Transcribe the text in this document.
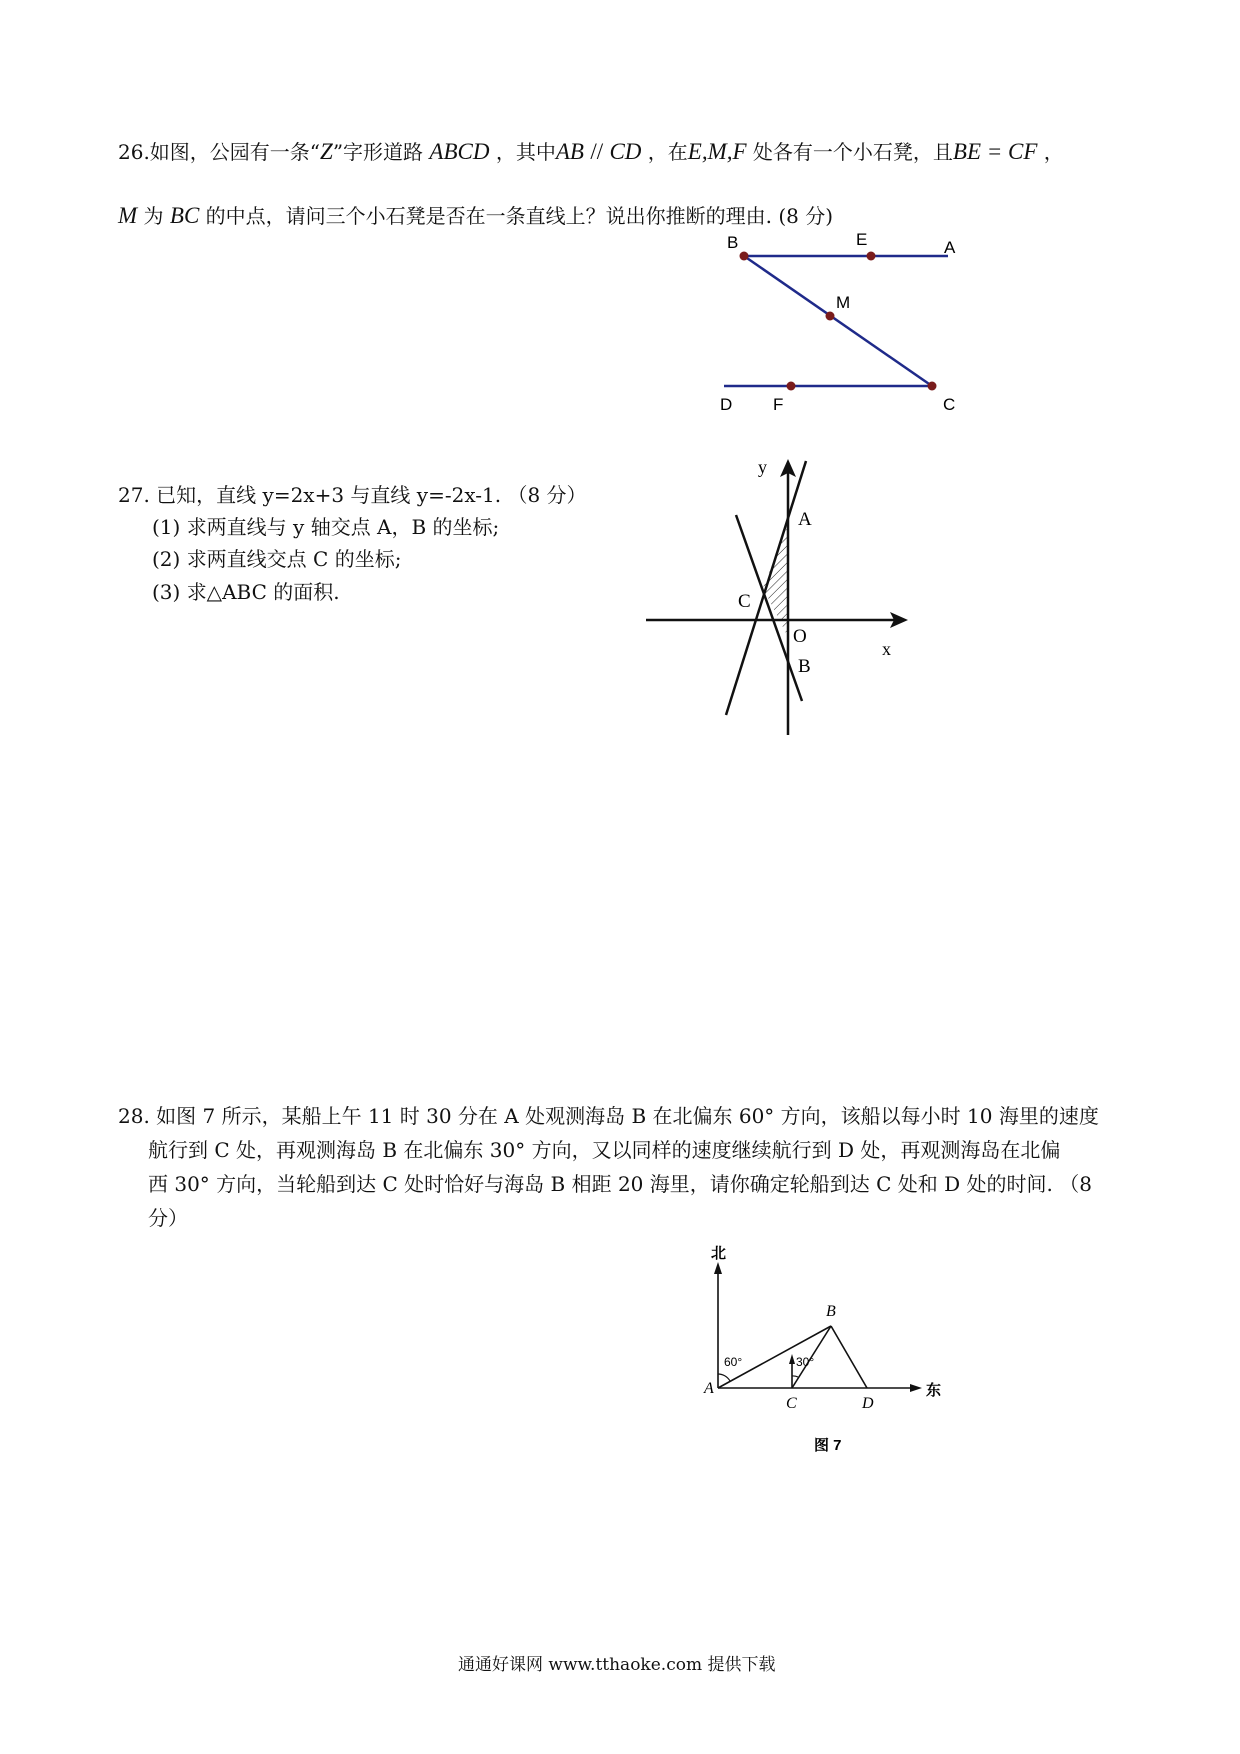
26.如图，公园有一条“Z”字形道路 ABCD ，其中AB // CD ，在E,M,F 处各有一个小石凳，且BE = CF ，
M 为 BC 的中点，请问三个小石凳是否在一条直线上？说出你推断的理由. (8 分)
B	E	A
M
D F	C
27. 已知，直线 y=2x+3 与直线 y=-2x-1. （8 分）
(1) 求两直线与 y 轴交点 A，B 的坐标;
(2) 求两直线交点 C 的坐标;
(3) 求△ABC 的面积.
y
x
A
C
O
B
28. 如图 7 所示，某船上午 11 时 30 分在 A 处观测海岛 B 在北偏东 60° 方向，该船以每小时 10 海里的速度
航行到 C 处，再观测海岛 B 在北偏东 30° 方向，又以同样的速度继续航行到 D 处，再观测海岛在北偏
西 30° 方向，当轮船到达 C 处时恰好与海岛 B 相距 20 海里，请你确定轮船到达 C 处和 D 处的时间. （8
分）
北
东
A
B
C	D
60°	30°
图 7
通通好课网 www.tthaoke.com 提供下载
